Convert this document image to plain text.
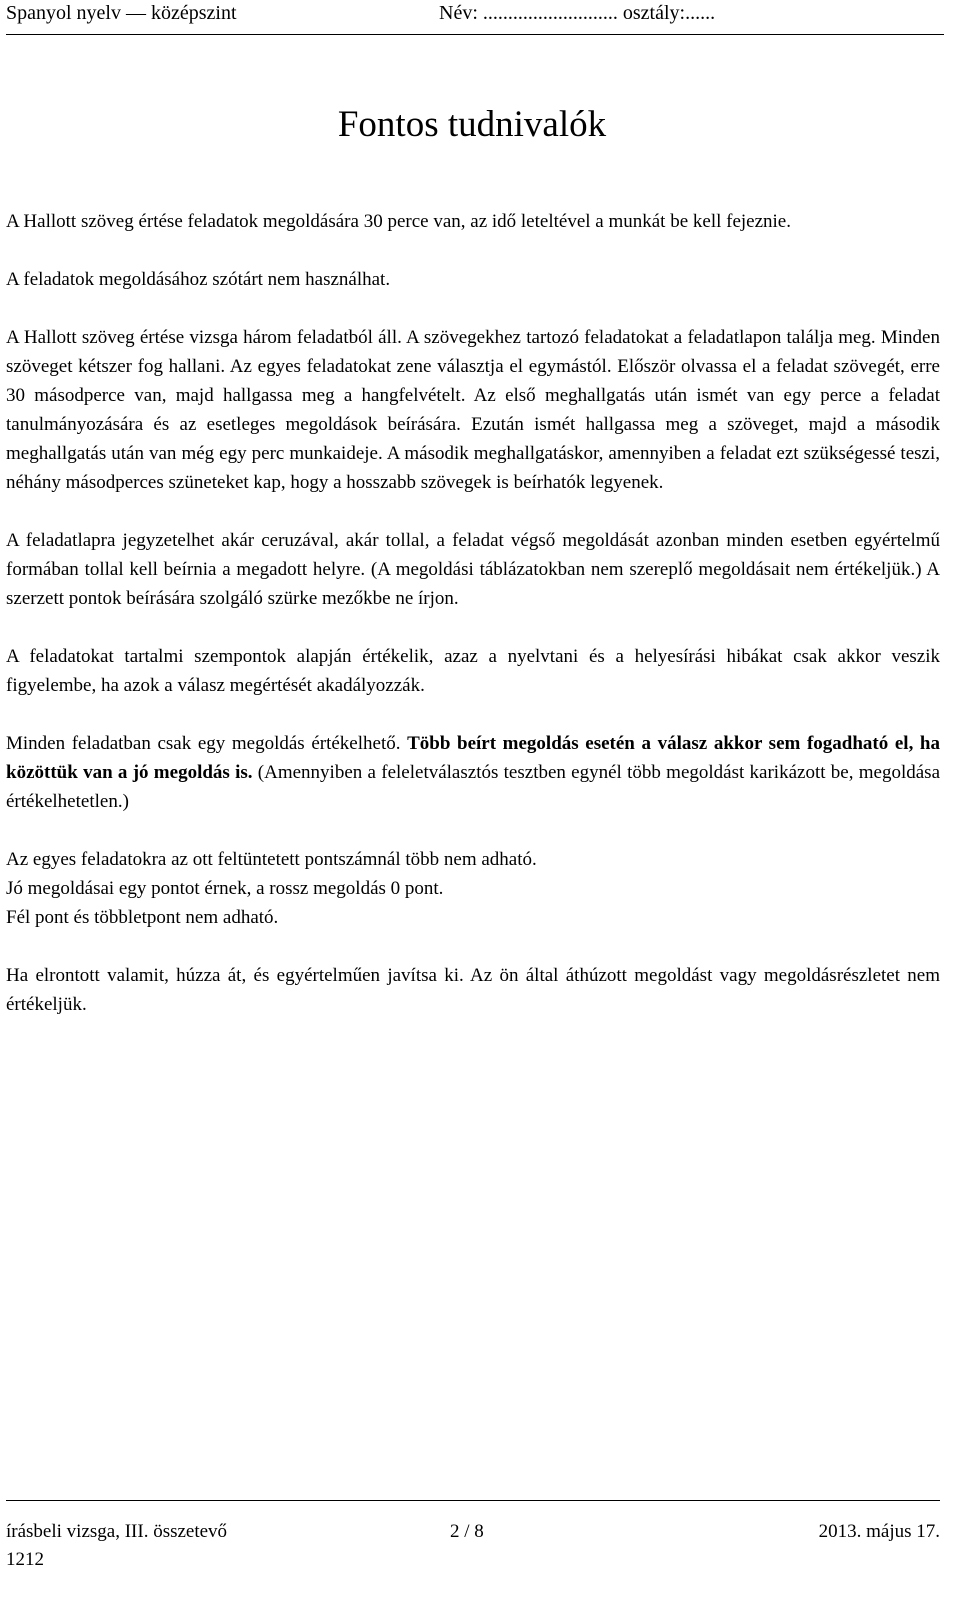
Spanyol nyelv — középszint	Név: ........................... osztály:......
Fontos tudnivalók

A Hallott szöveg értése feladatok megoldására 30 perce van, az idő leteltével a munkát be kell fejeznie.

A feladatok megoldásához szótárt nem használhat.

A Hallott szöveg értése vizsga három feladatból áll. A szövegekhez tartozó feladatokat a feladatlapon találja meg. Minden szöveget kétszer fog hallani. Az egyes feladatokat zene választja el egymástól. Először olvassa el a feladat szövegét, erre 30 másodperce van, majd hallgassa meg a hangfelvételt. Az első meghallgatás után ismét van egy perce a feladat tanulmányozására és az esetleges megoldások beírására. Ezután ismét hallgassa meg a szöveget, majd a második meghallgatás után van még egy perc munkaideje. A második meghallgatáskor, amennyiben a feladat ezt szükségessé teszi, néhány másodperces szüneteket kap, hogy a hosszabb szövegek is beírhatók legyenek.

A feladatlapra jegyzetelhet akár ceruzával, akár tollal, a feladat végső megoldását azonban minden esetben egyértelmű formában tollal kell beírnia a megadott helyre. (A megoldási táblázatokban nem szereplő megoldásait nem értékeljük.) A szerzett pontok beírására szolgáló szürke mezőkbe ne írjon.

A feladatokat tartalmi szempontok alapján értékelik, azaz a nyelvtani és a helyesírási hibákat csak akkor veszik figyelembe, ha azok a válasz megértését akadályozzák.

Minden feladatban csak egy megoldás értékelhető. Több beírt megoldás esetén a válasz akkor sem fogadható el, ha közöttük van a jó megoldás is. (Amennyiben a feleletválasztós tesztben egynél több megoldást karikázott be, megoldása értékelhetetlen.)

Az egyes feladatokra az ott feltüntetett pontszámnál több nem adható.

Jó megoldásai egy pontot érnek, a rossz megoldás 0 pont.

Fél pont és többletpont nem adható.

Ha elrontott valamit, húzza át, és egyértelműen javítsa ki. Az ön által áthúzott megoldást vagy megoldásrészletet nem értékeljük.

írásbeli vizsga, III. összetevő	2 / 8	2013. május 17.
1212
